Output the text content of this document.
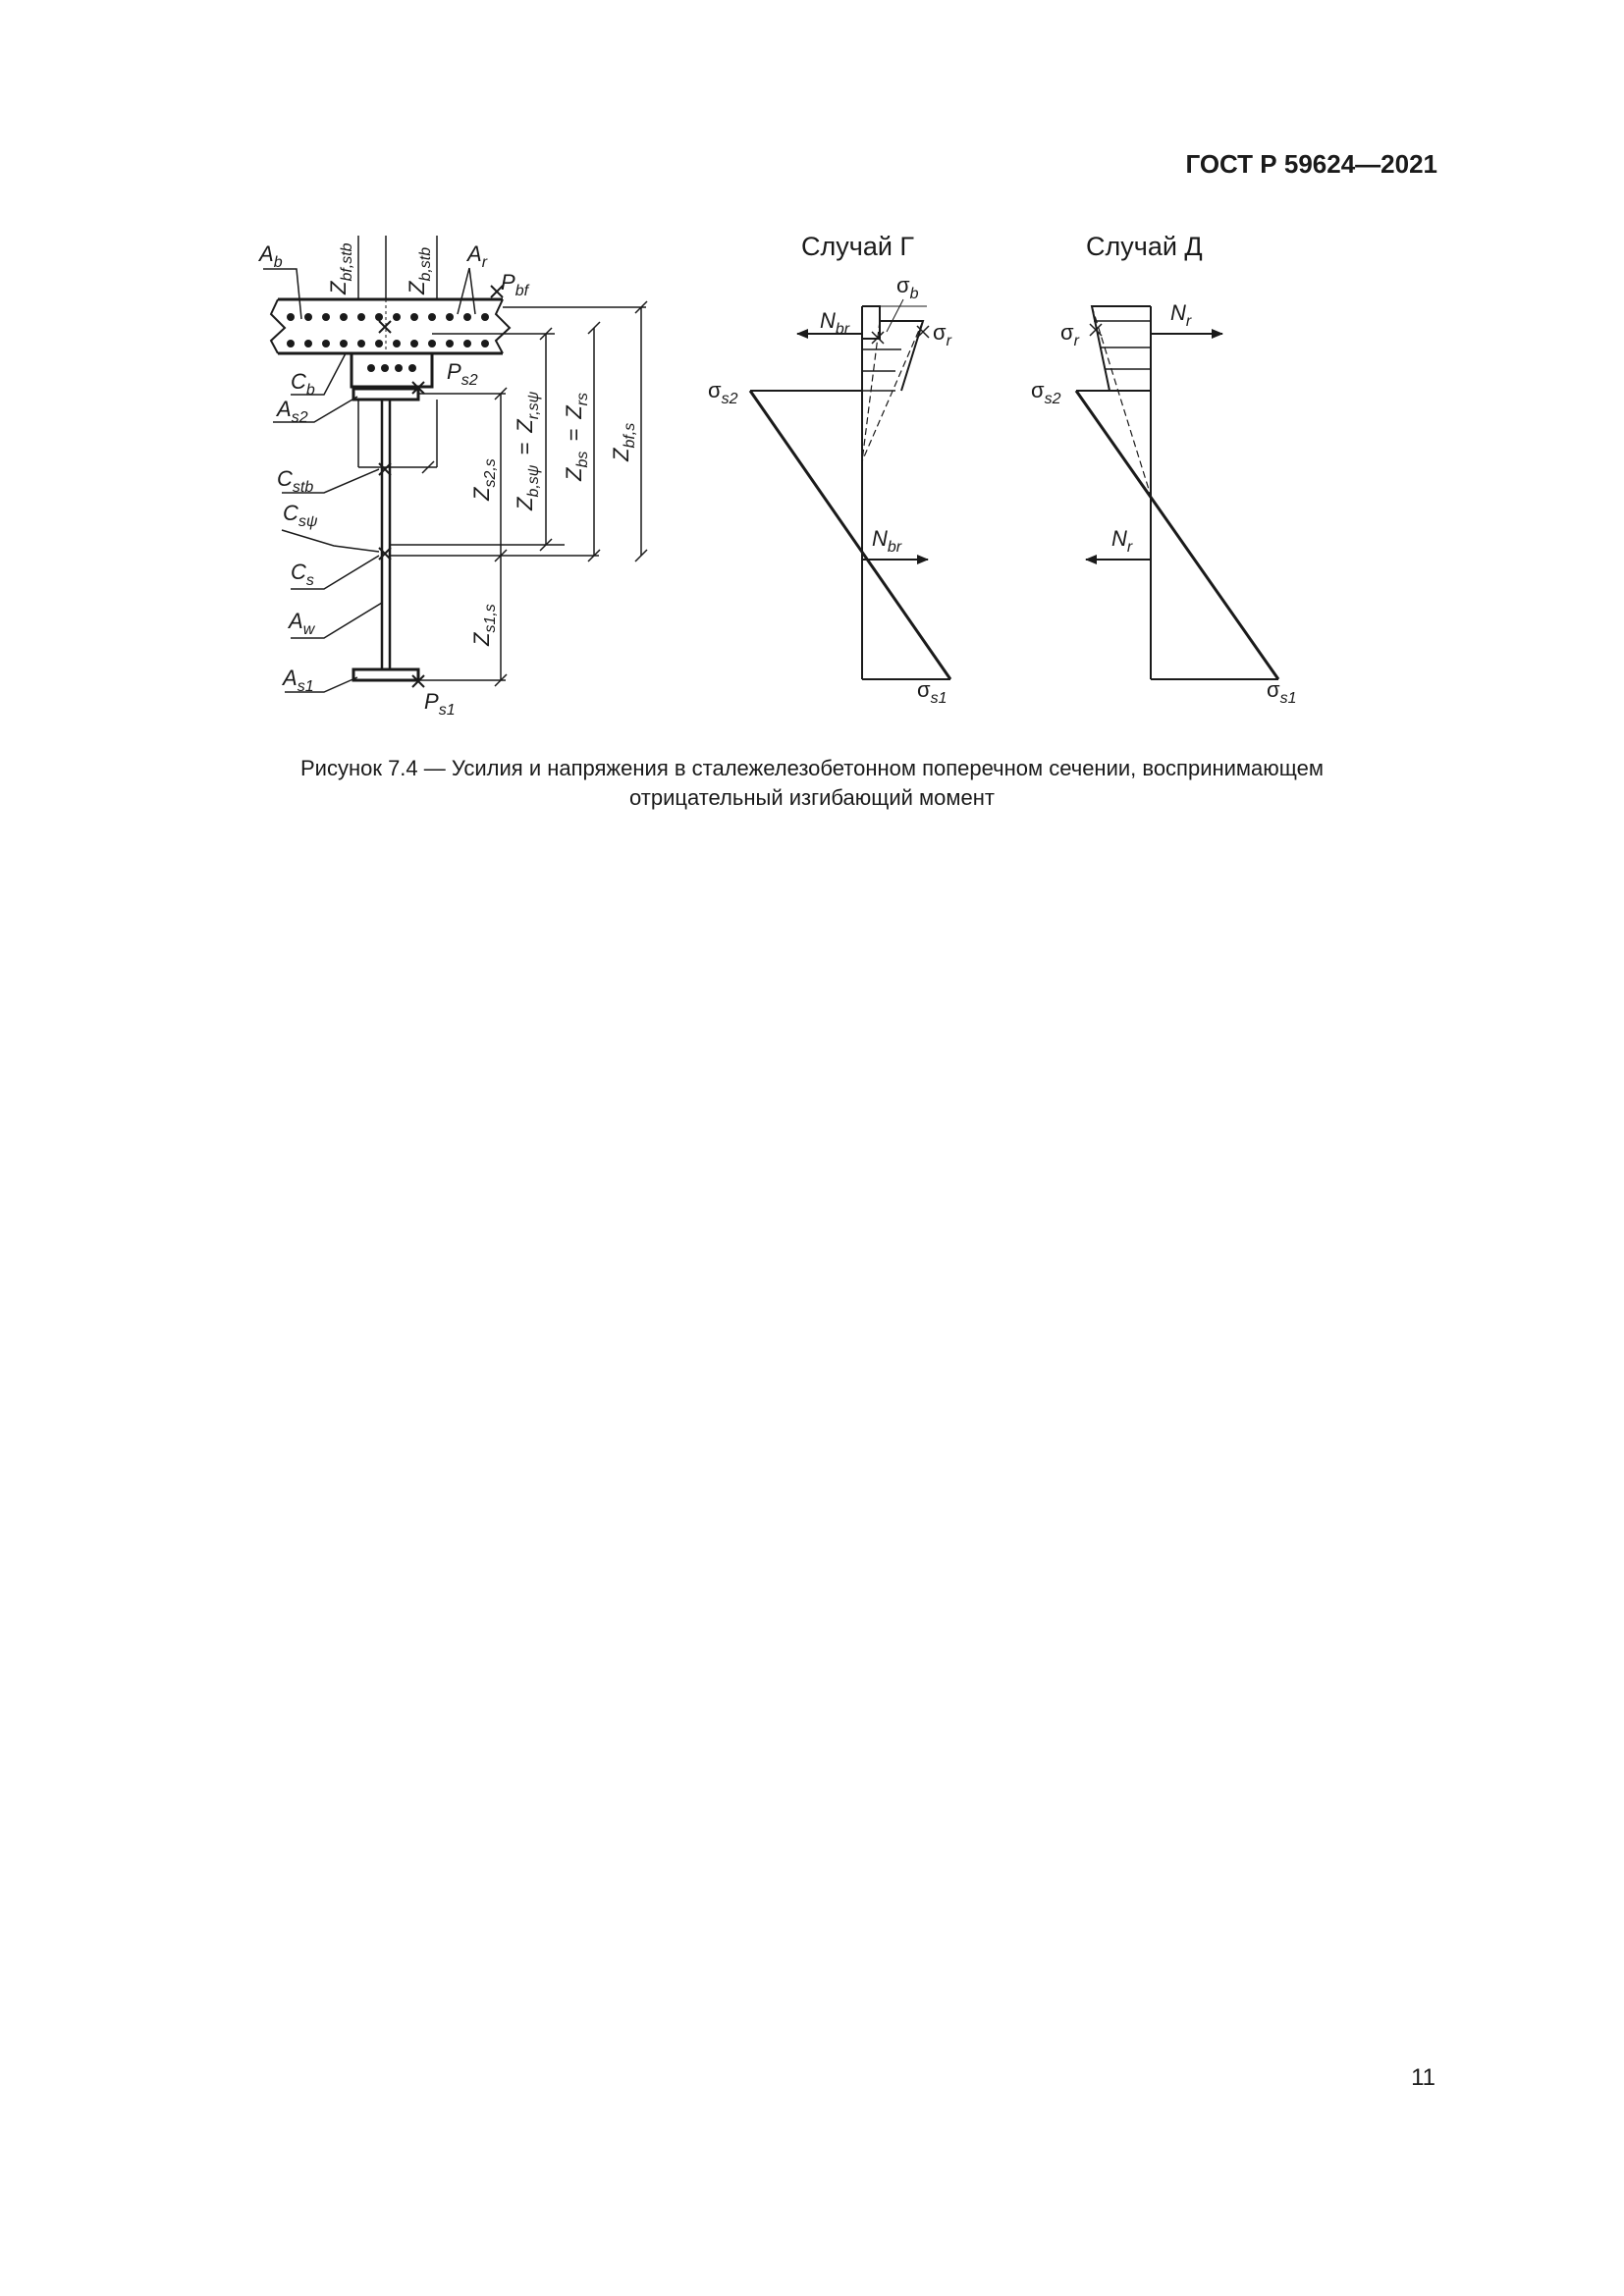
ГОСТ Р 59624—2021
$A_b$	$A_r$
$P_{bf}$
$C_b$
$A_{s2}$
$P_{s2}$
$C_{stb}$
$C_{s\psi}$
$C_s$
$A_w$
$A_{s1}$
$P_{s1}$
$Z_{bf,stb}$
$Z_{b,stb}$
$Z_{s2,s}$
$Z_{b,s\psi}=Z_{r,s\psi}$
$Z_{bs}=Z_{rs}$
$Z_{bf,s}$
$Z_{s1,s}$
Случай Г
$N_{br}$
$\sigma_b$
$\sigma_r$
$\sigma_{s2}$
$N_{br}$
$\sigma_{s1}$
Случай Д
$\sigma_r$
$N_r$
$\sigma_{s2}$
$N_r$
$\sigma_{s1}$
Рисунок 7.4 — Усилия и напряжения в сталежелезобетонном поперечном сечении, воспринимающем
отрицательный изгибающий момент
11
